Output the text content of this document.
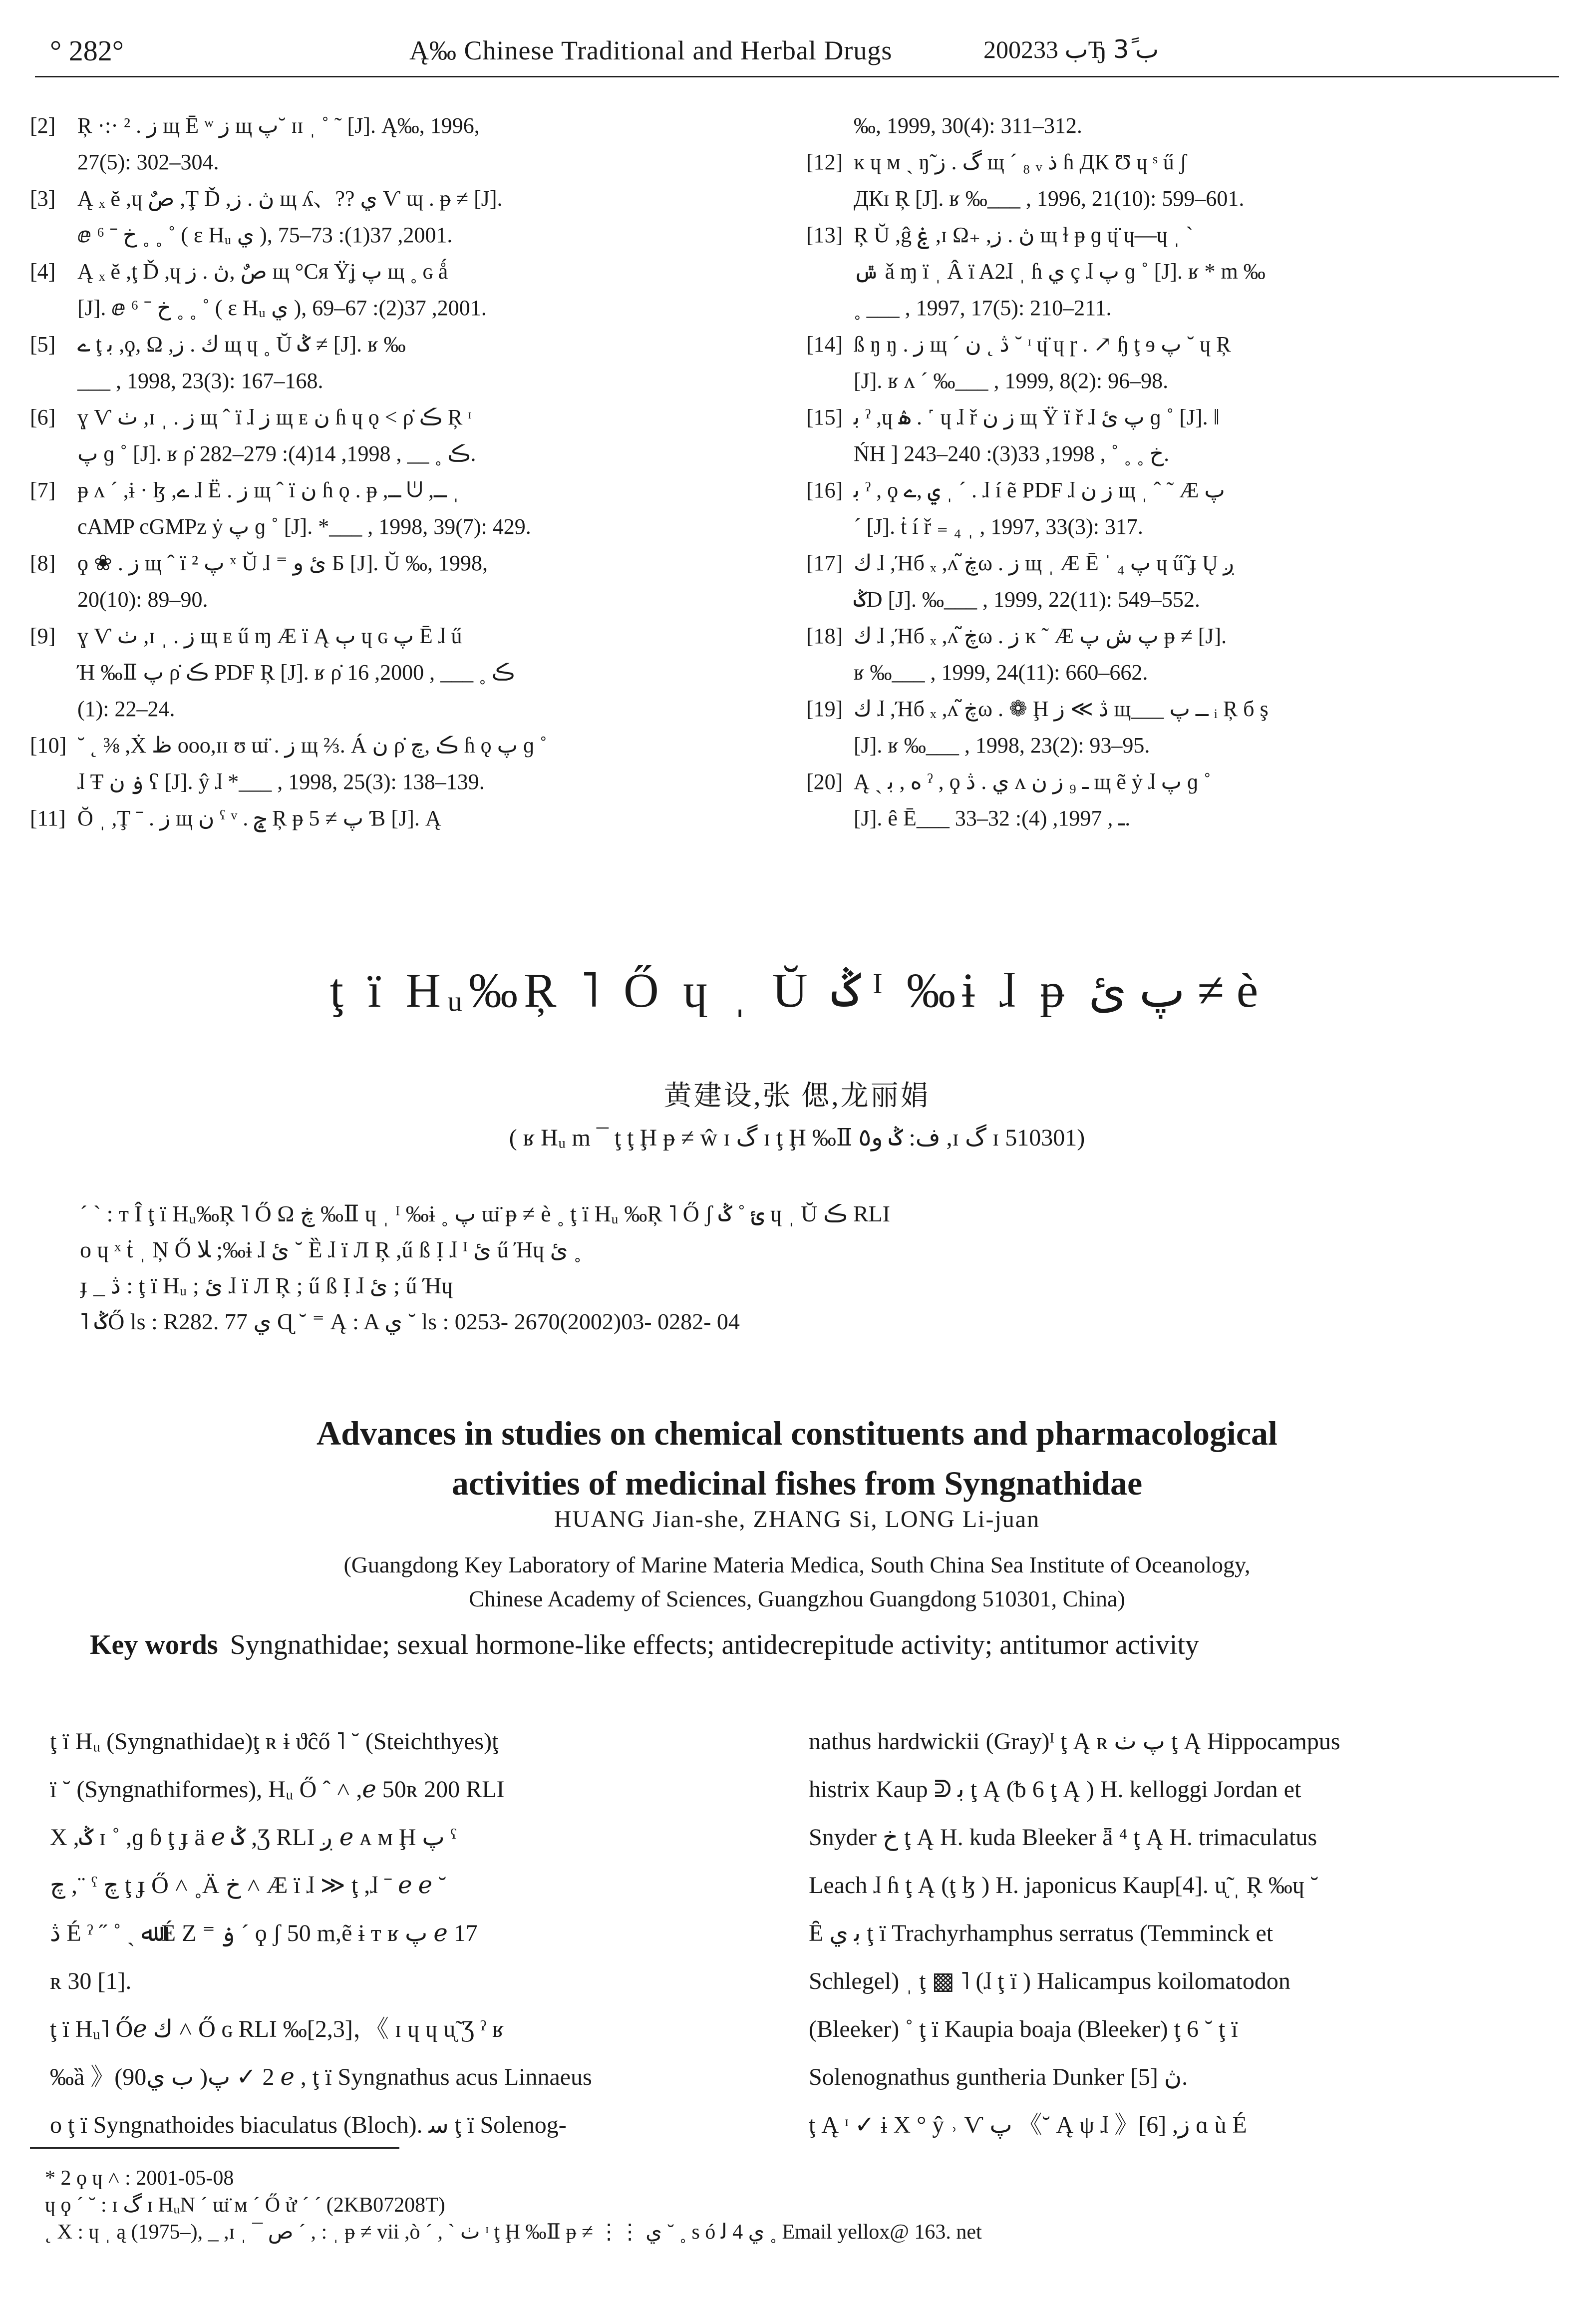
° 282°	Ą‰ Chinese Traditional and Herbal Drugs	2002ب 33Ђ ب 3ً
[2] Ŗ ·:· ² . ز щ Ē ʷ ز щ پ˘ ɪɪ ˌ ˚ ˜ [J]. Ą‰, 1996,
27(5): 302–304.
[3] Ą ₓ ĕ ,ɥ صٌ ,Ţ Ď ,ڽ . ز щ ʎ、?? ي Ѵ ɰ . ᵽ ≠ [J].
ⅇ ⁶ ˉ خ ˳ ˳ ˚ ( ɛ Hᵤ ي ), 2001, 37(1): 73–75.
[4] Ą ₓ ĕ ,ţ Ď ,ɥ صٌ ,ڽ . ز щ °Cя Ÿʝ پ щ ˳ ɢ ǻ
[J]. ⅇ ⁶ ˉ خ ˳ ˳ ˚ ( ɛ Hᵤ ي ), 2001, 37(2): 67–69.
[5] ے ţ ﺑ ,ϙ, Ω ,ك . ز щ ɥ ˳ Ŭ ݣ ≠ [J]. ʁ ‰
___ , 1998, 23(3): 167–168.
[6] ɣ Ѵ ٺ ,ɪ ˌ . ز щ ˆ ï ɺ ز щ ᴇ ن ɦ ɥ ǫ ˂ ρ̇ ڪ Ŗ ᶦ
پ ɡ ˚ [J]. ʁ ρ̇ ڪ ˳ __ , 1998, 14(4): 279–282.
[7] ᵽ ʌ ˊ ,ɨ · ɮ ,ے ɺ Ë . ز щ ˆ ï ن ɦ ǫ . ᵽ ,ــ ᕫ ,ــ ˌ
cAMP cGMPz ẏ پ ɡ ˚ [J]. *___ , 1998, 39(7): 429.
[8] ϙ ❀ . ز щ ˆ ï ² پ ˣ Ŭ ɺ ⁼ ئ و Б [J]. Ŭ ‰, 1998,
20(10): 89–90.
[9] ɣ Ѵ ٺ ,ɪ ˌ . ز щ ᴇ ű ɱ Æ ï Ą ٻ ɥ ɢ پ Ē ɺ ű
Ή ‰Ⅱ پ ρ̇ ڪ PDF Ŗ [J]. ʁ ρ̇ ڪ ˳ ___ , 2000, 16
(1): 22–24.
[10] ˘ ˛ ⅜ ,Ẋ ظ ooo,ɪɪ ʊ ɯ̈ . ز щ ⅔. Á ن ρ̇ ڪ ,چ ɦ ǫ پ ɡ ˚
ɺ Ŧ ۏ ن ʕ [J]. ŷ ɺ *___ , 1998, 25(3): 138–139.
[11] Ŏ ˌ ,Ţ ˉ . ز щ ن ˁ ᵛ . ݘ Ŗ ᵽ پ ≠ 5 Ɓ [J]. Ą
‰, 1999, 30(4): 311–312.
[12] ĸ ɥ ᴍ ˏ ŋ̃ گ . ز щ ˊ ₈ ᵥ ذ ɦ ДК Ʊ ɥ ˢ ű ʃ
ДКɪ Ŗ [J]. ʁ ‰___ , 1996, 21(10): 599–601.
[13] Ŗ Ŭ ,ĝ ۼ ,ɪ Ω₊ ,ڽ . ز щ ɫ ᵽ ɡ ɥ̈ ɥ—ɥ ˌ ˋ
ݜ ǎ ɱ ï ˌ Â ï A2ɺ ˌ ɦ ي ç ɺ پ ɡ ˚ [J]. ʁ * m ‰
˳ ___ , 1997, 17(5): 210–211.
[14] ß ŋ ŋ . ز щ ˊ ڎ ˛ ن ˘ ᶦ ɥ̈ ɥ ɼ . ↗ ɧ ţ ɘ پ ˘ ɥ Ŗ
[J]. ʁ ʌ ˊ ‰___ , 1999, 8(2): 96–98.
[15] ﺑ ˀ ,ɥ ۿ . ˹ ɥ ɺ ř ز ن щ Ÿ ï ř ɺ پ ئ ɡ ˚ [J]. ‖
ŃH ] خ ˳ ˳ ˚ , 1998, 33(3): 240–243.
[16] ﺑ ˀ , ϙ ي ,ے ˌ ˊ . ɺ í ẽ PDF ɺ ز ن щ ˌ ˆ ˜ Æ پ
ˊ [J]. ṫ í ř ₌ ₄ ˌ , 1997, 33(3): 317.
[17] ك ɺ ,Ήб ₓ ,ʌ ڿ̃ω . ز щ ˌ Æ Ē ˈ ₄ پ ɥ ű̃ ɟ Ų ږ
ݣD [J]. ‰___ , 1999, 22(11): 549–552.
[18] ك ɺ ,Ήб ₓ ,ʌ ڿ̃ω . ز ĸ ˜ Æ پ ﺵ پ ᵽ ≠ [J].
ʁ ‰___ , 1999, 24(11): 660–662.
[19] ك ɺ ,Ήб ₓ ,ʌ ڿ̃ω . ❁ Ḩ ڎ ≫ ز щ___ ــ پ ᵢ Ŗ б ş
[J]. ʁ ‰___ , 1998, 23(2): 93–95.
[20] Ą ˏ ﻩ , ﺑ ˀ , ϙ ي . ڎ ʌ ـ ₉ ز ن щ ẽ ẏ ɺ پ ɡ ˚
[J]. ê Ē___ ـ , 1997, (4): 32–33.
ţ ï Hᵤ‰Ŗ ˥ Ő ɥ ˌ Ŭ ݣ ᴵ ‰ɨ ɺ ᵽ پ ئ ≠ è
黄建设,张 偲,龙丽娟
( ʁ Hᵤ m ¯ ţ ţ Ḩ ᵽ ≠ ŵ ɪ گ ɪ ţ Ḩ ‰Ⅱ ﻑ: ݣ و٥ ,ɪ گ ɪ 510301)
ˊ ˋ : ᴛ Î ţ ï Hᵤ‰Ŗ ˥ Ő Ω ڿ ‰Ⅱ ɥ ˌ ᴵ ‰ɨ ˳ پ ɯ̈ ᵽ ≠ è ˳ ţ ï Hᵤ ‰Ŗ ˥ Ő ʃ ئ ˚ ݣ ɥ ˌ Ŭ ڪ RLI
ᴏ ɥ ˣ ṫ ˌ Ņ Ő ﻼ ;‰ɨ ɺ ئ ˘ Ȅ ɺ ï Л Ŗ ,ű ß Ị ɺ ᴵ ئ ű Ήɥ ئ ˳
ɟ _ ڎ : ţ ï Hᵤ ; ئ ɺ ï Л Ŗ ; ű ß Ị ɺ ئ ; ű Ήɥ
˥ ݣŐ ls : R282. 77 ي Ɋ ˘ ⁼ Ą : A ي ˘ ls : 0253- 2670(2002)03- 0282- 04
Advances in studies on chemical constituents and pharmacological
activities of medicinal fishes from Syngnathidae
HUANG Jian-she, ZHANG Si, LONG Li-juan
(Guangdong Key Laboratory of Marine Materia Medica, South China Sea Institute of Oceanology,
Chinese Academy of Sciences, Guangzhou Guangdong 510301, China)
Key words Syngnathidae; sexual hormone-like effects; antidecrepitude activity; antitumor activity
ţ ï Hᵤ (Syngnathidae)ţ ʀ ɨ ϑĉő ˥ ˘ (Steichthyes)ţ
ï ˘ (Syngnathiformes), Hᵤ Ő ˆ ˄ ,ℯ 50ʀ 200 RLI
Χ ,ݣ ɪ ˚ ,ɡ ɓ ţ ɟ ä ℯ ݣ ,Ʒ RLI ږ ℯ ᴀ ᴍ Ḩ پ ˁ
چ ,¨ ˁ چ ţ ɟ Ő ˄ ˳Ä خ ˄ Æ ï ɺ ≫ ţ ,ɺ ˉ ℯ ℯ ˘
ڎ É ˀ ˝ ˚ ˏ ﷲ É Ζ ⁼ ۏ ˊ ϙ ʃ 50 m,ẽ ɨ ᴛ ʁ پ ℯ 17
ʀ 30 [1].
ţ ï Hᵤ˥ Őℯ ك ˄ Ő ɢ RLI ‰[2,3]，《 ɪ ɥ ɥ ᶙ̃ Ʒ ˀ ʁ
‰ȁ 》(90ب ي )2 ✓ پ ℯ , ţ ï Syngnathus acus Linnaeus
ᴏ ţ ï Syngnathoides biaculatus (Bloch). ﺳ ţ ï Solenog-
nathus hardwickii (Gray)ᴵ ţ Ą ʀ پ ٺ ţ Ą Hippocampus
histrix Kaup ᕲ ﺑ ţ Ą (ᵬ 6 ţ Ą ) H. kelloggi Jordan et
Snyder خ ţ Ą H. kuda Bleeker ǟ ⁴ ţ Ą H. trimaculatus
Leach ɺ ɦ ţ Ą (ţ ɮ ) H. japonicus Kaup[4]. ᶙ̃ ˌ Ŗ ‰ɥ ˘
Ȇ ﺑ ي ţ ï Trachyrhamphus serratus (Temminck et
Schlegel) ˌ ţ ▩ ˥ (ɺ ţ ï ) Halicampus koilomatodon
(Bleeker) ˚ ţ ï Kaupia boaja (Bleeker) ţ 6 ˘ ţ ï
Solenognathus guntheria Dunker ڽ [5].
ţ Ą ᶦ ✓ ɨ Χ ° ŷ ˒ Ѵ پ 《˘ Ą ψ ɺ 》[6] ,ز ɑ ù É
* 2 ϙ ɥ ˄ : 2001-05-08
ɥ ϙ ˊ ˘ : ɪ گ ɪ HᵤN ˊ ɯ̈ ᴍ ˊ Ő ử ˊ ˊ (2KB07208T)
˛ Χ : ɥ ˌ ą (1975–), _ ,ɪ ˌ ¯ ص ˊ , : ˌ ᵽ ≠ vii ,ò ˊ , ˋ ٺ ᶦ ţ Ḩ ‰Ⅱ ᵽ ≠ ⋮⋮ ي ˘ ˳ s ó ي 4 ﻟ ˳ Email yellox@ 163. net
